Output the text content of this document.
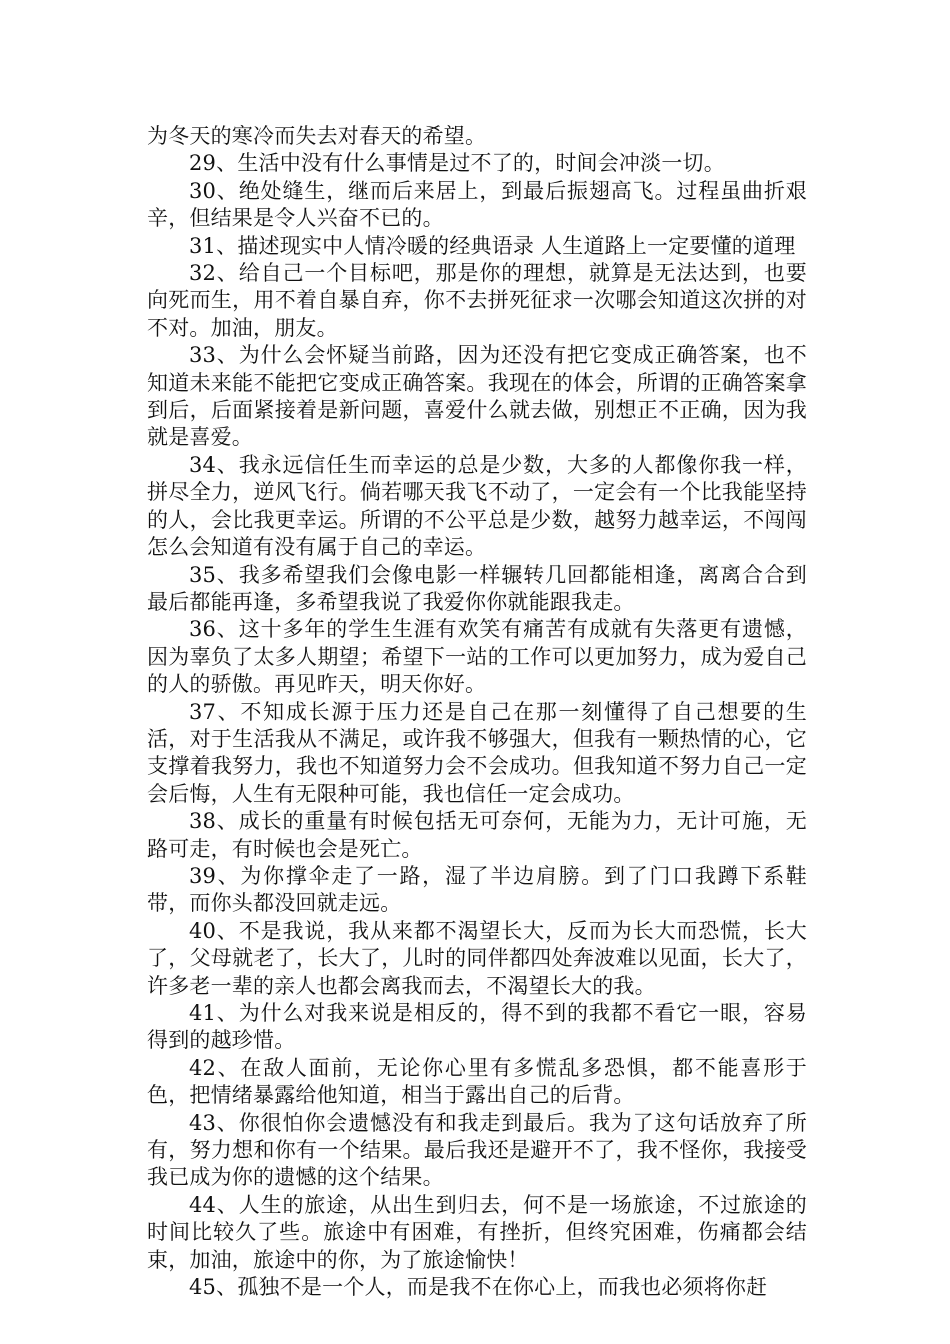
为冬天的寒冷而失去对春天的希望。

29、生活中没有什么事情是过不了的，时间会冲淡一切。

30、绝处缝生，继而后来居上，到最后振翅高飞。过程虽曲折艰辛，但结果是令人兴奋不已的。

31、描述现实中人情冷暖的经典语录 人生道路上一定要懂的道理

32、给自己一个目标吧，那是你的理想，就算是无法达到，也要向死而生，用不着自暴自弃，你不去拼死征求一次哪会知道这次拼的对不对。加油，朋友。

33、为什么会怀疑当前路，因为还没有把它变成正确答案，也不知道未来能不能把它变成正确答案。我现在的体会，所谓的正确答案拿到后，后面紧接着是新问题，喜爱什么就去做，别想正不正确，因为我就是喜爱。

34、我永远信任生而幸运的总是少数，大多的人都像你我一样，拼尽全力，逆风飞行。倘若哪天我飞不动了，一定会有一个比我能坚持的人，会比我更幸运。所谓的不公平总是少数，越努力越幸运，不闯闯怎么会知道有没有属于自己的幸运。

35、我多希望我们会像电影一样辗转几回都能相逢，离离合合到最后都能再逢，多希望我说了我爱你你就能跟我走。

36、这十多年的学生生涯有欢笑有痛苦有成就有失落更有遗憾，因为辜负了太多人期望；希望下一站的工作可以更加努力，成为爱自己的人的骄傲。再见昨天，明天你好。

37、不知成长源于压力还是自己在那一刻懂得了自己想要的生活，对于生活我从不满足，或许我不够强大，但我有一颗热情的心，它支撑着我努力，我也不知道努力会不会成功。但我知道不努力自己一定会后悔，人生有无限种可能，我也信任一定会成功。

38、成长的重量有时候包括无可奈何，无能为力，无计可施，无路可走，有时候也会是死亡。

39、为你撑伞走了一路，湿了半边肩膀。到了门口我蹲下系鞋带，而你头都没回就走远。

40、不是我说，我从来都不渴望长大，反而为长大而恐慌，长大了，父母就老了，长大了，儿时的同伴都四处奔波难以见面，长大了，许多老一辈的亲人也都会离我而去，不渴望长大的我。

41、为什么对我来说是相反的，得不到的我都不看它一眼，容易得到的越珍惜。

42、在敌人面前，无论你心里有多慌乱多恐惧，都不能喜形于色，把情绪暴露给他知道，相当于露出自己的后背。

43、你很怕你会遗憾没有和我走到最后。我为了这句话放弃了所有，努力想和你有一个结果。最后我还是避开不了，我不怪你，我接受 我已成为你的遗憾的这个结果。

44、人生的旅途，从出生到归去，何不是一场旅途，不过旅途的时间比较久了些。旅途中有困难，有挫折，但终究困难，伤痛都会结束，加油，旅途中的你，为了旅途愉快！

45、孤独不是一个人，而是我不在你心上，而我也必须将你赶
